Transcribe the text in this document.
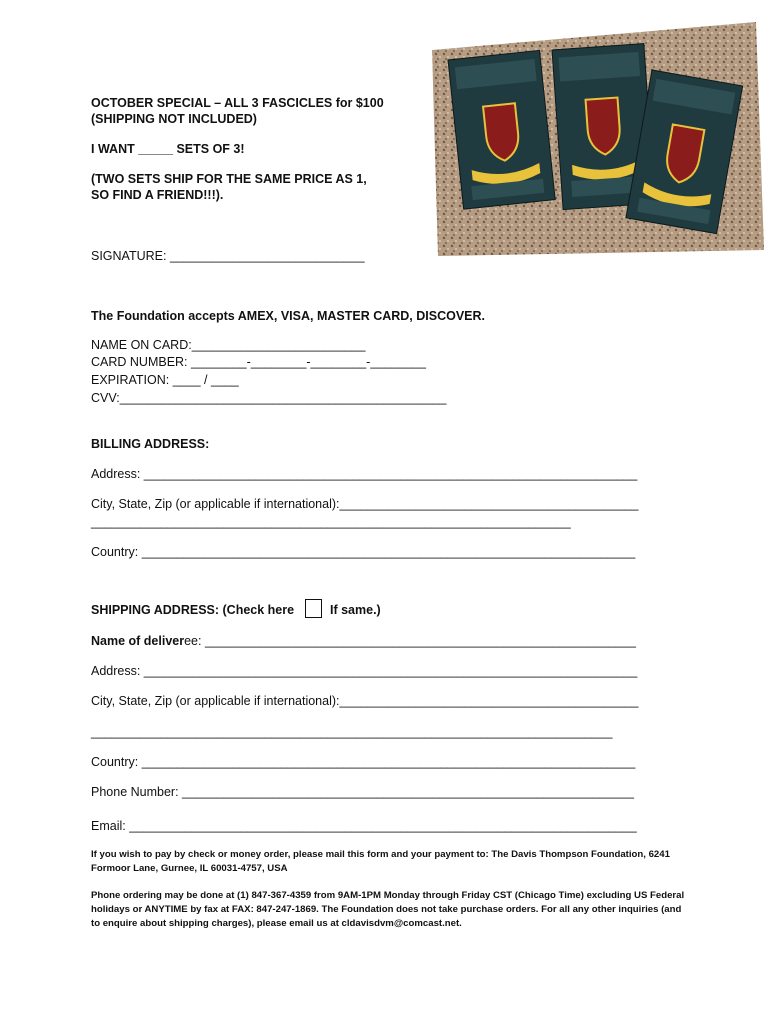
OCTOBER SPECIAL – ALL 3 FASCICLES for $100
(SHIPPING NOT INCLUDED)
I WANT _____ SETS OF 3!
(TWO SETS SHIP FOR THE SAME PRICE AS 1,
SO FIND A FRIEND!!!).
SIGNATURE: ____________________________
The Foundation accepts AMEX, VISA, MASTER CARD, DISCOVER.
NAME ON CARD:_________________________
CARD NUMBER: ________-________-________-________
EXPIRATION: ____ / ____
CVV:_______________________________________________
BILLING ADDRESS:
Address: _______________________________________________________________________
City, State, Zip (or applicable if international):___________________________________________
_____________________________________________________________________
Country: _______________________________________________________________________
SHIPPING ADDRESS: (Check here	If same.)
Name of deliveree: ______________________________________________________________
Address: _______________________________________________________________________
City, State, Zip (or applicable if international):___________________________________________
___________________________________________________________________________
Country: _______________________________________________________________________
Phone Number: _________________________________________________________________
Email: _________________________________________________________________________
If you wish to pay by check or money order, please mail this form and your payment to: The Davis Thompson Foundation, 6241 Formoor Lane, Gurnee, IL 60031-4757, USA
Phone ordering may be done at (1) 847-367-4359 from 9AM-1PM Monday through Friday CST (Chicago Time) excluding US Federal holidays or ANYTIME by fax at FAX: 847-247-1869. The Foundation does not take purchase orders. For all any other inquiries (and to enquire about shipping charges), please email us at cldavisdvm@comcast.net.
